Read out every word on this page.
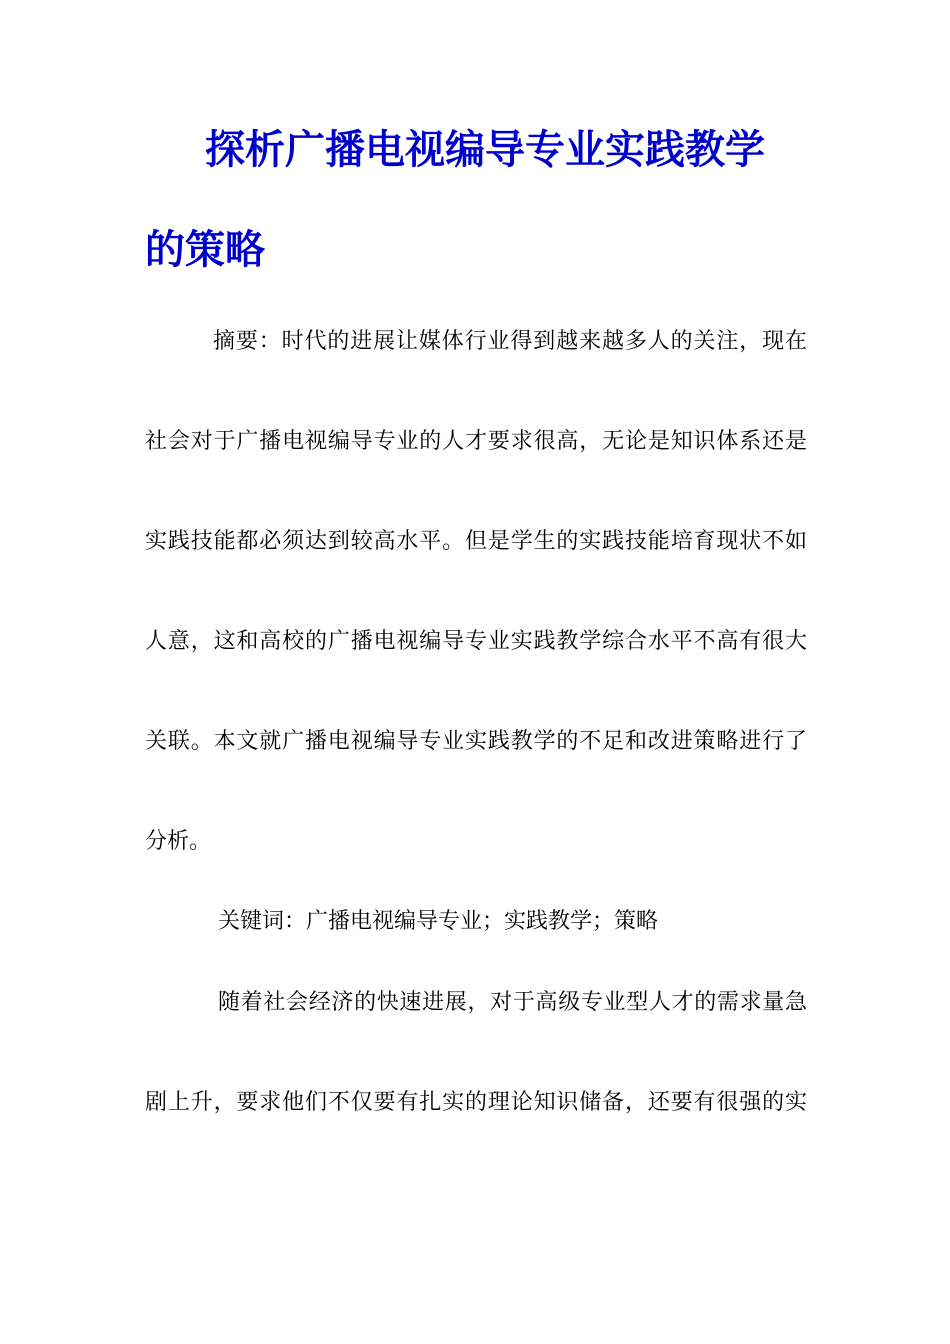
探析广播电视编导专业实践教学
的策略
摘要：时代的进展让媒体行业得到越来越多人的关注，现在
社会对于广播电视编导专业的人才要求很高，无论是知识体系还是
实践技能都必须达到较高水平。但是学生的实践技能培育现状不如
人意，这和高校的广播电视编导专业实践教学综合水平不高有很大
关联。本文就广播电视编导专业实践教学的不足和改进策略进行了
分析。
关键词：广播电视编导专业；实践教学；策略
随着社会经济的快速进展，对于高级专业型人才的需求量急
剧上升，要求他们不仅要有扎实的理论知识储备，还要有很强的实
